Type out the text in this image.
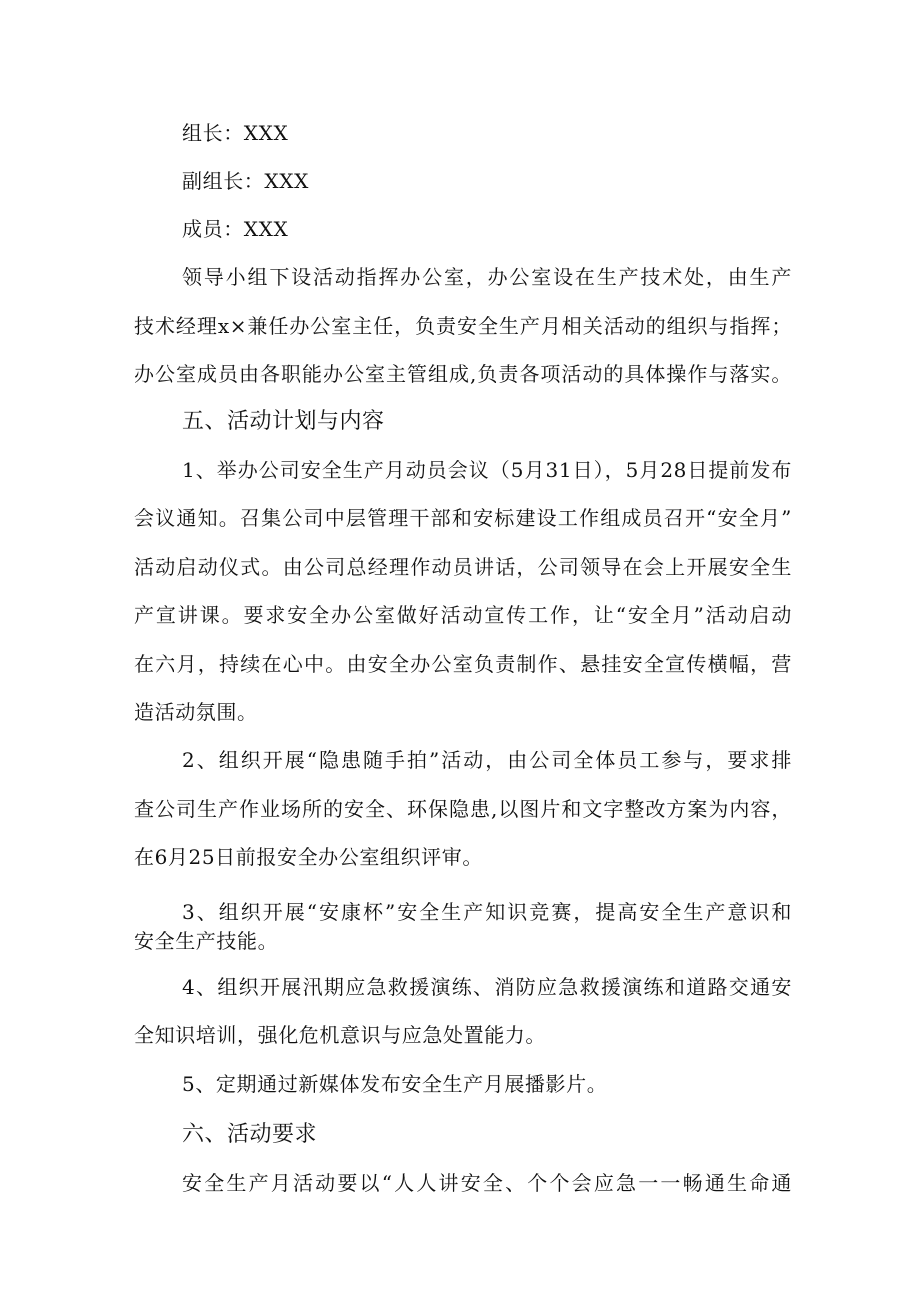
组长：XXX
副组长：XXX
成员：XXX
领导小组下设活动指挥办公室，办公室设在生产技术处，由生产
技术经理x×兼任办公室主任，负责安全生产月相关活动的组织与指挥；
办公室成员由各职能办公室主管组成,负责各项活动的具体操作与落实。
五、活动计划与内容
1、举办公司安全生产月动员会议（5月31日），5月28日提前发布
会议通知。召集公司中层管理干部和安标建设工作组成员召开“安全月”
活动启动仪式。由公司总经理作动员讲话，公司领导在会上开展安全生
产宣讲课。要求安全办公室做好活动宣传工作，让“安全月”活动启动
在六月，持续在心中。由安全办公室负责制作、悬挂安全宣传横幅，营
造活动氛围。
2、组织开展“隐患随手拍”活动，由公司全体员工参与，要求排
查公司生产作业场所的安全、环保隐患,以图片和文字整改方案为内容，
在6月25日前报安全办公室组织评审。
3、组织开展“安康杯”安全生产知识竞赛，提高安全生产意识和
安全生产技能。
4、组织开展汛期应急救援演练、消防应急救援演练和道路交通安
全知识培训，强化危机意识与应急处置能力。
5、定期通过新媒体发布安全生产月展播影片。
六、活动要求
安全生产月活动要以“人人讲安全、个个会应急一一畅通生命通
